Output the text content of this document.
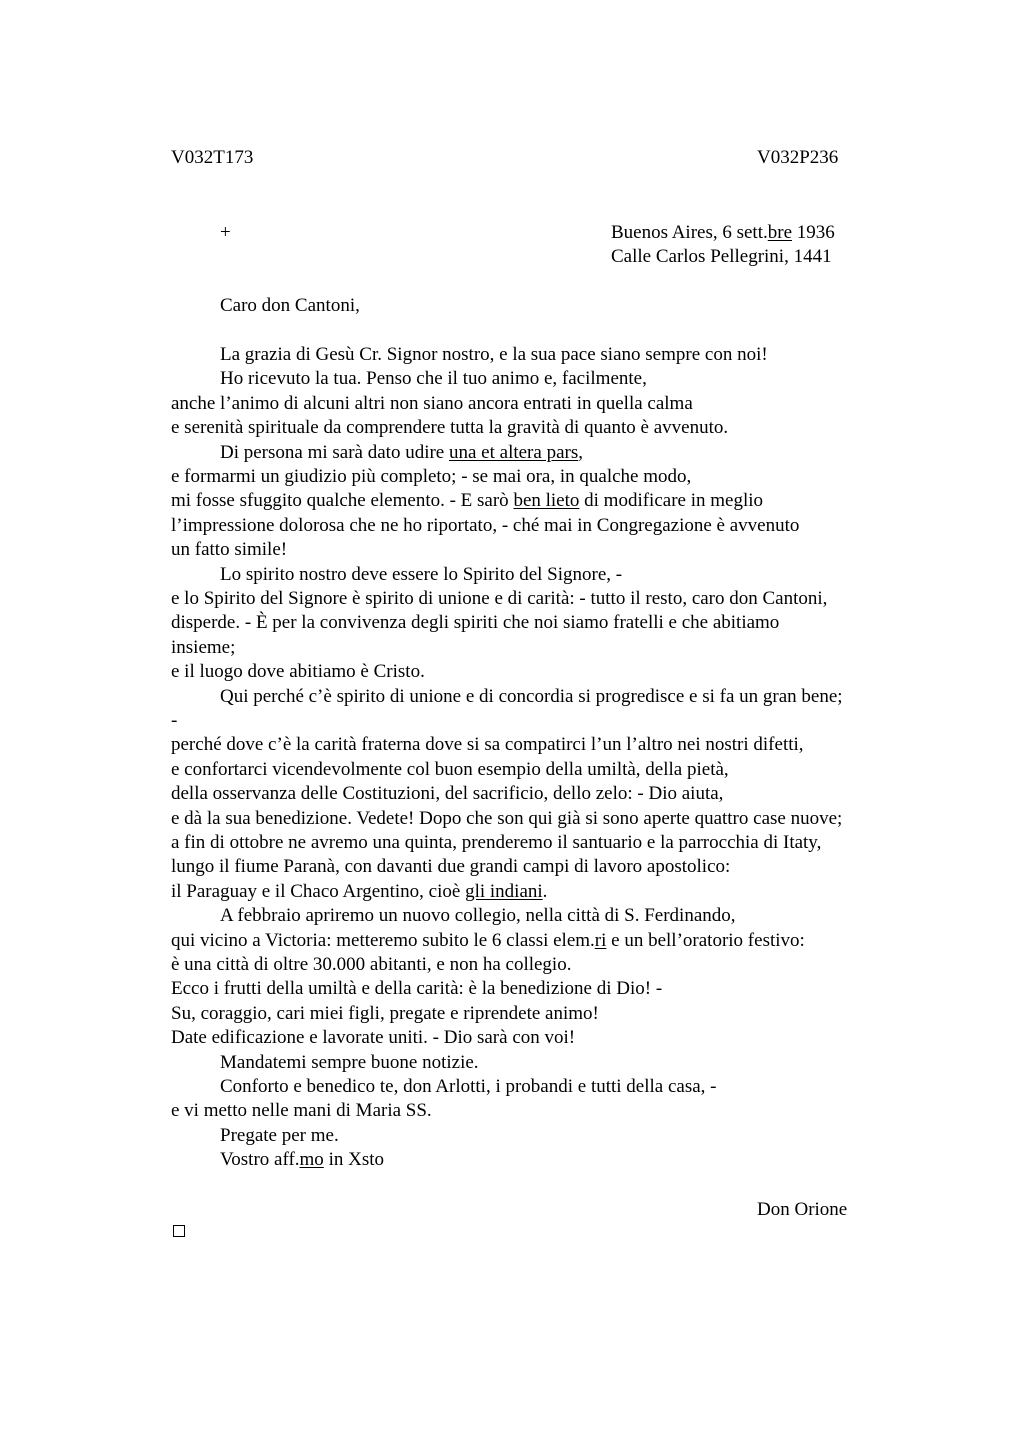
V032T173	V032P236
+	Buenos Aires, 6 sett.bre 1936
Calle Carlos Pellegrini, 1441
Caro don Cantoni,
La grazia di Gesù Cr. Signor nostro, e la sua pace siano sempre con noi!
Ho ricevuto la tua. Penso che il tuo animo e, facilmente,
anche l’animo di alcuni altri non siano ancora entrati in quella calma
e serenità spirituale da comprendere tutta la gravità di quanto è avvenuto.
Di persona mi sarà dato udire una et altera pars,
e formarmi un giudizio più completo; - se mai ora, in qualche modo,
mi fosse sfuggito qualche elemento. - E sarò ben lieto di modificare in meglio
l’impressione dolorosa che ne ho riportato, - ché mai in Congregazione è avvenuto
un fatto simile!
Lo spirito nostro deve essere lo Spirito del Signore, -
e lo Spirito del Signore è spirito di unione e di carità: - tutto il resto, caro don Cantoni,
disperde. - È per la convivenza degli spiriti che noi siamo fratelli e che abitiamo
insieme;
e il luogo dove abitiamo è Cristo.
Qui perché c’è spirito di unione e di concordia si progredisce e si fa un gran bene;
-
perché dove c’è la carità fraterna dove si sa compatirci l’un l’altro nei nostri difetti,
e confortarci vicendevolmente col buon esempio della umiltà, della pietà,
della osservanza delle Costituzioni, del sacrificio, dello zelo: - Dio aiuta,
e dà la sua benedizione. Vedete! Dopo che son qui già si sono aperte quattro case nuove;
a fin di ottobre ne avremo una quinta, prenderemo il santuario e la parrocchia di Itaty,
lungo il fiume Paranà, con davanti due grandi campi di lavoro apostolico:
il Paraguay e il Chaco Argentino, cioè gli indiani.
A febbraio apriremo un nuovo collegio, nella città di S. Ferdinando,
qui vicino a Victoria: metteremo subito le 6 classi elem.ri e un bell’oratorio festivo:
è una città di oltre 30.000 abitanti, e non ha collegio.
Ecco i frutti della umiltà e della carità: è la benedizione di Dio! -
Su, coraggio, cari miei figli, pregate e riprendete animo!
Date edificazione e lavorate uniti. - Dio sarà con voi!
Mandatemi sempre buone notizie.
Conforto e benedico te, don Arlotti, i probandi e tutti della casa, -
e vi metto nelle mani di Maria SS.
Pregate per me.
Vostro aff.mo in Xsto
Don Orione
